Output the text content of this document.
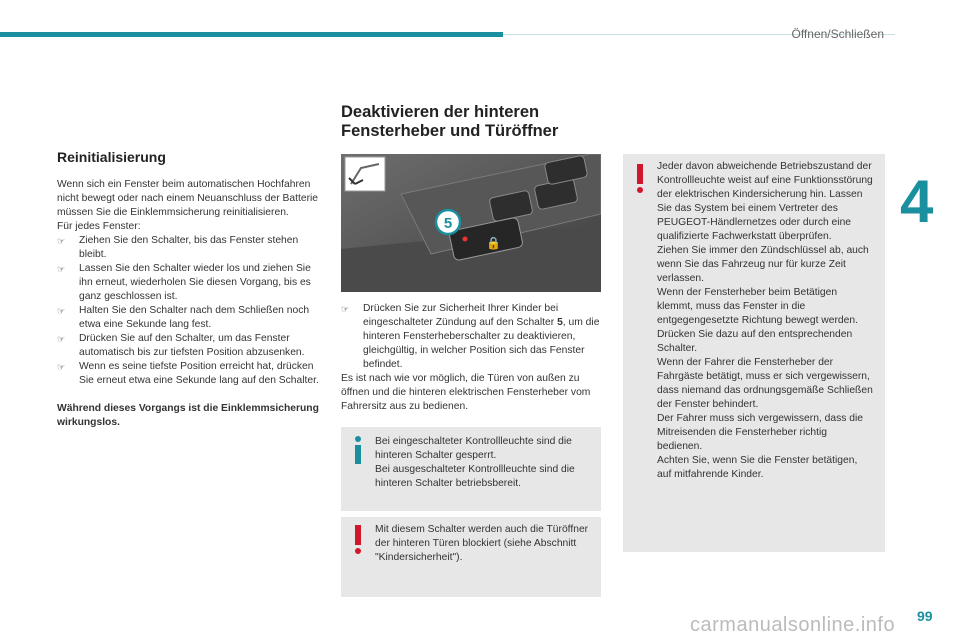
Öffnen/Schließen
4
99
carmanualsonline.info
Reinitialisierung

Wenn sich ein Fenster beim automatischen Hochfahren nicht bewegt oder nach einem Neuanschluss der Batterie müssen Sie die Einklemmsicherung reinitialisieren.

Für jedes Fenster:

☞ Ziehen Sie den Schalter, bis das Fenster stehen bleibt.
☞ Lassen Sie den Schalter wieder los und ziehen Sie ihn erneut, wiederholen Sie diesen Vorgang, bis es ganz geschlossen ist.
☞ Halten Sie den Schalter nach dem Schließen noch etwa eine Sekunde lang fest.
☞ Drücken Sie auf den Schalter, um das Fenster automatisch bis zur tiefsten Position abzusenken.
☞ Wenn es seine tiefste Position erreicht hat, drücken Sie erneut etwa eine Sekunde lang auf den Schalter.

Während dieses Vorgangs ist die Einklemmsicherung wirkungslos.

Deaktivieren der hinteren
Fensterheber und Türöffner
🔒
5
☞ Drücken Sie zur Sicherheit Ihrer Kinder bei eingeschalteter Zündung auf den Schalter 5, um die hinteren Fensterheberschalter zu deaktivieren, gleichgültig, in welcher Position sich das Fenster befindet.

Es ist nach wie vor möglich, die Türen von außen zu öffnen und die hinteren elektrischen Fensterheber vom Fahrersitz aus zu bedienen.

Bei eingeschalteter Kontrollleuchte sind die hinteren Schalter gesperrt.
Bei ausgeschalteter Kontrollleuchte sind die hinteren Schalter betriebsbereit.
Mit diesem Schalter werden auch die Türöffner der hinteren Türen blockiert (siehe Abschnitt "Kindersicherheit").
Jeder davon abweichende Betriebszustand der Kontrollleuchte weist auf eine Funktionsstörung der elektrischen Kindersicherung hin. Lassen Sie das System bei einem Vertreter des PEUGEOT-Händlernetzes oder durch eine qualifizierte Fachwerkstatt überprüfen.
Ziehen Sie immer den Zündschlüssel ab, auch wenn Sie das Fahrzeug nur für kurze Zeit verlassen.
Wenn der Fensterheber beim Betätigen klemmt, muss das Fenster in die entgegengesetzte Richtung bewegt werden. Drücken Sie dazu auf den entsprechenden Schalter.
Wenn der Fahrer die Fensterheber der Fahrgäste betätigt, muss er sich vergewissern, dass niemand das ordnungsgemäße Schließen der Fenster behindert.
Der Fahrer muss sich vergewissern, dass die Mitreisenden die Fensterheber richtig bedienen.
Achten Sie, wenn Sie die Fenster betätigen, auf mitfahrende Kinder.
